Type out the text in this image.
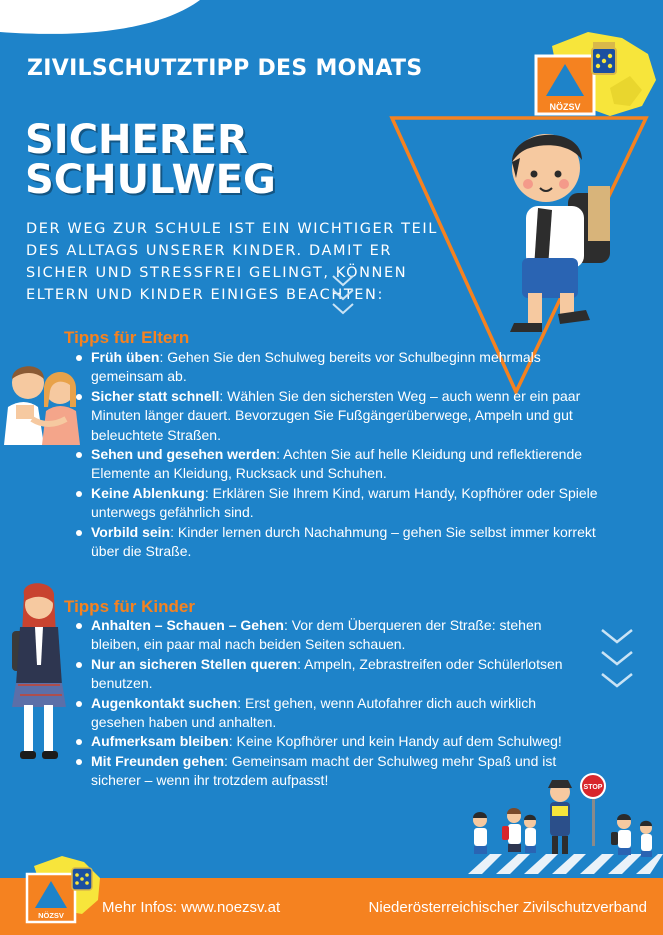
ZIVILSCHUTZTIPP DES MONATS
NÖZSV
SICHERER
SCHULWEG

DER WEG ZUR SCHULE IST EIN WICHTIGER TEIL DES ALLTAGS UNSERER KINDER. DAMIT ER SICHER UND STRESSFREI GELINGT, KÖNNEN ELTERN UND KINDER EINIGES BEACHTEN:

Tipps für Eltern
Früh üben: Gehen Sie den Schulweg bereits vor Schulbeginn mehrmals gemeinsam ab.
Sicher statt schnell: Wählen Sie den sichersten Weg – auch wenn er ein paar Minuten länger dauert. Bevorzugen Sie Fußgängerüberwege, Ampeln und gut beleuchtete Straßen.
Sehen und gesehen werden: Achten Sie auf helle Kleidung und reflektierende Elemente an Kleidung, Rucksack und Schuhen.
Keine Ablenkung: Erklären Sie Ihrem Kind, warum Handy, Kopfhörer oder Spiele unterwegs gefährlich sind.
Vorbild sein: Kinder lernen durch Nachahmung – gehen Sie selbst immer korrekt über die Straße.
Tipps für Kinder
Anhalten – Schauen – Gehen: Vor dem Überqueren der Straße: stehen bleiben, ein paar mal nach beiden Seiten schauen.
Nur an sicheren Stellen queren: Ampeln, Zebrastreifen oder Schülerlotsen benutzen.
Augenkontakt suchen: Erst gehen, wenn Autofahrer dich auch wirklich gesehen haben und anhalten.
Aufmerksam bleiben: Keine Kopfhörer und kein Handy auf dem Schulweg!
Mit Freunden gehen: Gemeinsam macht der Schulweg mehr Spaß und ist sicherer – wenn ihr trotzdem aufpasst!	STOP
NÖZSV	Mehr Infos: www.noezsv.at	Niederösterreichischer Zivilschutzverband
